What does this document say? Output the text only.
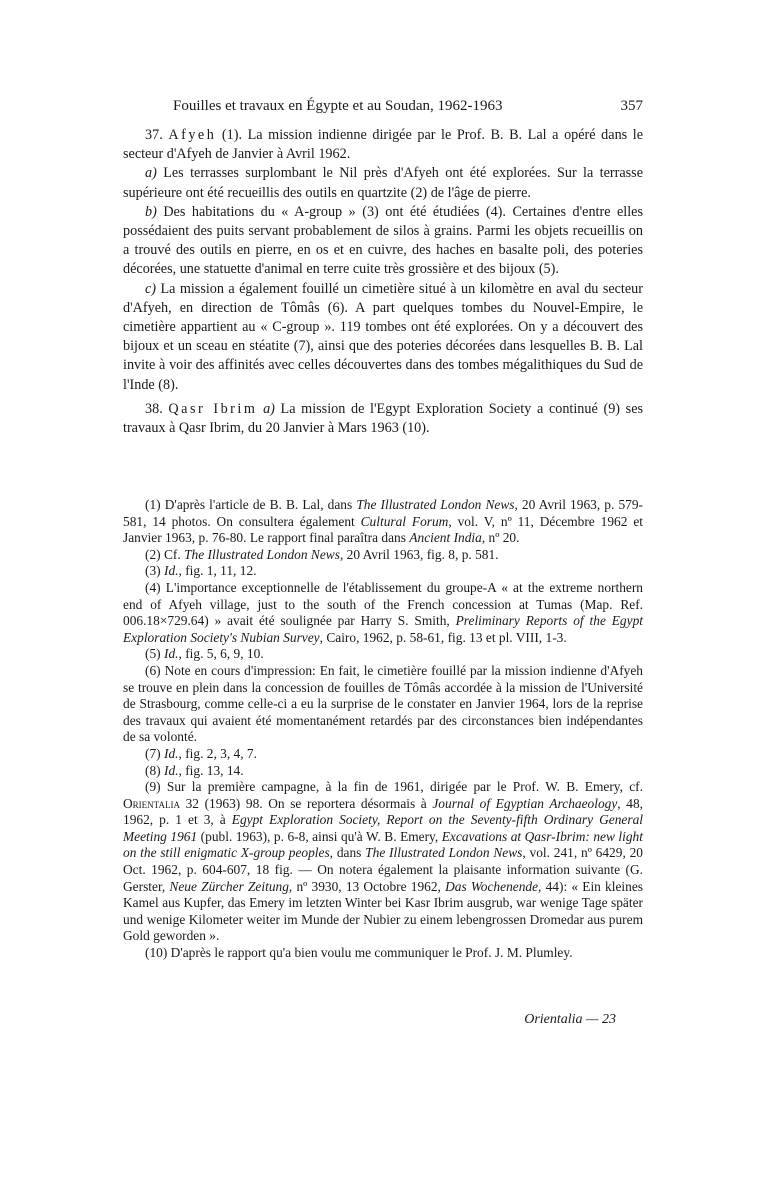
Fouilles et travaux en Égypte et au Soudan, 1962-1963	357

37. Afyeh (1). La mission indienne dirigée par le Prof. B. B. Lal a opéré dans le secteur d'Afyeh de Janvier à Avril 1962.

a) Les terrasses surplombant le Nil près d'Afyeh ont été explorées. Sur la terrasse supérieure ont été recueillis des outils en quartzite (2) de l'âge de pierre.

b) Des habitations du « A-group » (3) ont été étudiées (4). Certaines d'entre elles possédaient des puits servant probablement de silos à grains. Parmi les objets recueillis on a trouvé des outils en pierre, en os et en cuivre, des haches en basalte poli, des poteries décorées, une statuette d'animal en terre cuite très grossière et des bijoux (5).

c) La mission a également fouillé un cimetière situé à un kilomètre en aval du secteur d'Afyeh, en direction de Tômâs (6). A part quelques tombes du Nouvel-Empire, le cimetière appartient au « C-group ». 119 tombes ont été explorées. On y a découvert des bijoux et un sceau en stéatite (7), ainsi que des poteries décorées dans lesquelles B. B. Lal invite à voir des affinités avec celles découvertes dans des tombes mégalithiques du Sud de l'Inde (8).

38. Qasr Ibrim a) La mission de l'Egypt Exploration Society a continué (9) ses travaux à Qasr Ibrim, du 20 Janvier à Mars 1963 (10).

(1) D'après l'article de B. B. Lal, dans The Illustrated London News, 20 Avril 1963, p. 579-581, 14 photos. On consultera également Cultural Forum, vol. V, nº 11, Décembre 1962 et Janvier 1963, p. 76-80. Le rapport final paraîtra dans Ancient India, nº 20.

(2) Cf. The Illustrated London News, 20 Avril 1963, fig. 8, p. 581.

(3) Id., fig. 1, 11, 12.

(4) L'importance exceptionnelle de l'établissement du groupe-A « at the extreme northern end of Afyeh village, just to the south of the French concession at Tumas (Map. Ref. 006.18×729.64) » avait été soulignée par Harry S. Smith, Preliminary Reports of the Egypt Exploration Society's Nubian Survey, Cairo, 1962, p. 58-61, fig. 13 et pl. VIII, 1-3.

(5) Id., fig. 5, 6, 9, 10.

(6) Note en cours d'impression: En fait, le cimetière fouillé par la mission indienne d'Afyeh se trouve en plein dans la concession de fouilles de Tômâs accordée à la mission de l'Université de Strasbourg, comme celle-ci a eu la surprise de le constater en Janvier 1964, lors de la reprise des travaux qui avaient été momentanément retardés par des circonstances bien indépendantes de sa volonté.

(7) Id., fig. 2, 3, 4, 7.

(8) Id., fig. 13, 14.

(9) Sur la première campagne, à la fin de 1961, dirigée par le Prof. W. B. Emery, cf. Orientalia 32 (1963) 98. On se reportera désormais à Journal of Egyptian Archaeology, 48, 1962, p. 1 et 3, à Egypt Exploration Society, Report on the Seventy-fifth Ordinary General Meeting 1961 (publ. 1963), p. 6-8, ainsi qu'à W. B. Emery, Excavations at Qasr-Ibrim: new light on the still enigmatic X-group peoples, dans The Illustrated London News, vol. 241, nº 6429, 20 Oct. 1962, p. 604-607, 18 fig. — On notera également la plaisante information suivante (G. Gerster, Neue Zürcher Zeitung, nº 3930, 13 Octobre 1962, Das Wochenende, 44): « Ein kleines Kamel aus Kupfer, das Emery im letzten Winter bei Kasr Ibrim ausgrub, war wenige Tage später und wenige Kilometer weiter im Munde der Nubier zu einem lebengrossen Dromedar aus purem Gold geworden ».

(10) D'après le rapport qu'a bien voulu me communiquer le Prof. J. M. Plumley.

Orientalia — 23
